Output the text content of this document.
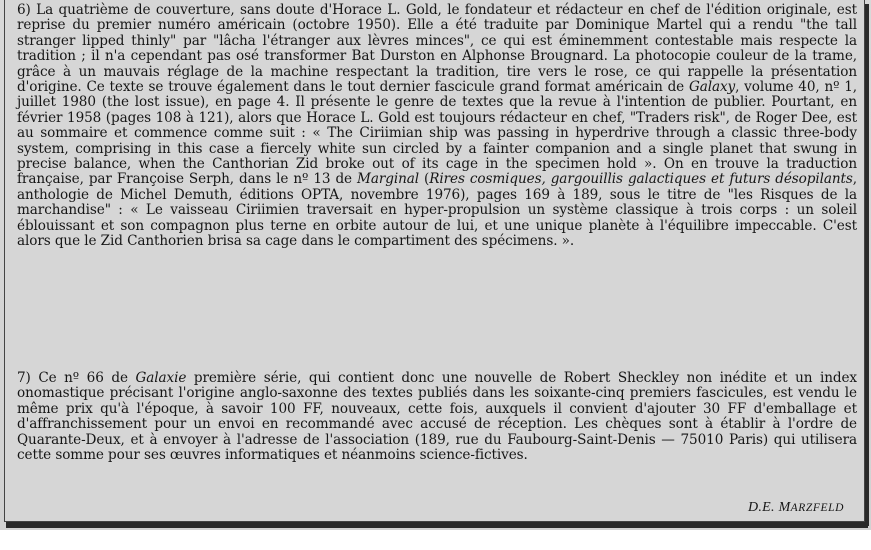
6) La quatrième de couverture, sans doute d'Horace L. Gold, le fondateur et rédacteur en chef de l'édition originale, est reprise du premier numéro américain (octobre 1950). Elle a été traduite par Dominique Martel qui a rendu "the tall stranger lipped thinly" par "lâcha l'étranger aux lèvres minces", ce qui est éminemment contestable mais respecte la tradition ; il n'a cependant pas osé transformer Bat Durston en Alphonse Brougnard. La photocopie couleur de la trame, grâce à un mauvais réglage de la machine respectant la tradition, tire vers le rose, ce qui rappelle la présentation d'origine. Ce texte se trouve également dans le tout dernier fascicule grand format américain de Galaxy, volume 40, nº 1, juillet 1980 (the lost issue), en page 4. Il présente le genre de textes que la revue à l'intention de publier. Pourtant, en février 1958 (pages 108 à 121), alors que Horace L. Gold est toujours rédacteur en chef, "Traders risk", de Roger Dee, est au sommaire et commence comme suit : « The Ciriimian ship was passing in hyperdrive through a classic three-body system, comprising in this case a fiercely white sun circled by a fainter companion and a single planet that swung in precise balance, when the Canthorian Zid broke out of its cage in the specimen hold ». On en trouve la traduction française, par Françoise Serph, dans le nº 13 de Marginal (Rires cosmiques, gargouillis galactiques et futurs désopilants, anthologie de Michel Demuth, éditions OPTA, novembre 1976), pages 169 à 189, sous le titre de "les Risques de la marchandise" : « Le vaisseau Ciriimien traversait en hyper-propulsion un système classique à trois corps : un soleil éblouissant et son compagnon plus terne en orbite autour de lui, et une unique planète à l'équilibre impeccable. C'est alors que le Zid Canthorien brisa sa cage dans le compartiment des spécimens. ».

7) Ce nº 66 de Galaxie première série, qui contient donc une nouvelle de Robert Sheckley non inédite et un index onomastique précisant l'origine anglo-saxonne des textes publiés dans les soixante-cinq premiers fascicules, est vendu le même prix qu'à l'époque, à savoir 100 FF, nouveaux, cette fois, auxquels il convient d'ajouter 30 FF d'emballage et d'affranchissement pour un envoi en recommandé avec accusé de réception. Les chèques sont à établir à l'ordre de Quarante-Deux, et à envoyer à l'adresse de l'association (189, rue du Faubourg-Saint-Denis — 75010 Paris) qui utilisera cette somme pour ses œuvres informatiques et néanmoins science-fictives.

D.E. MARZFELD
